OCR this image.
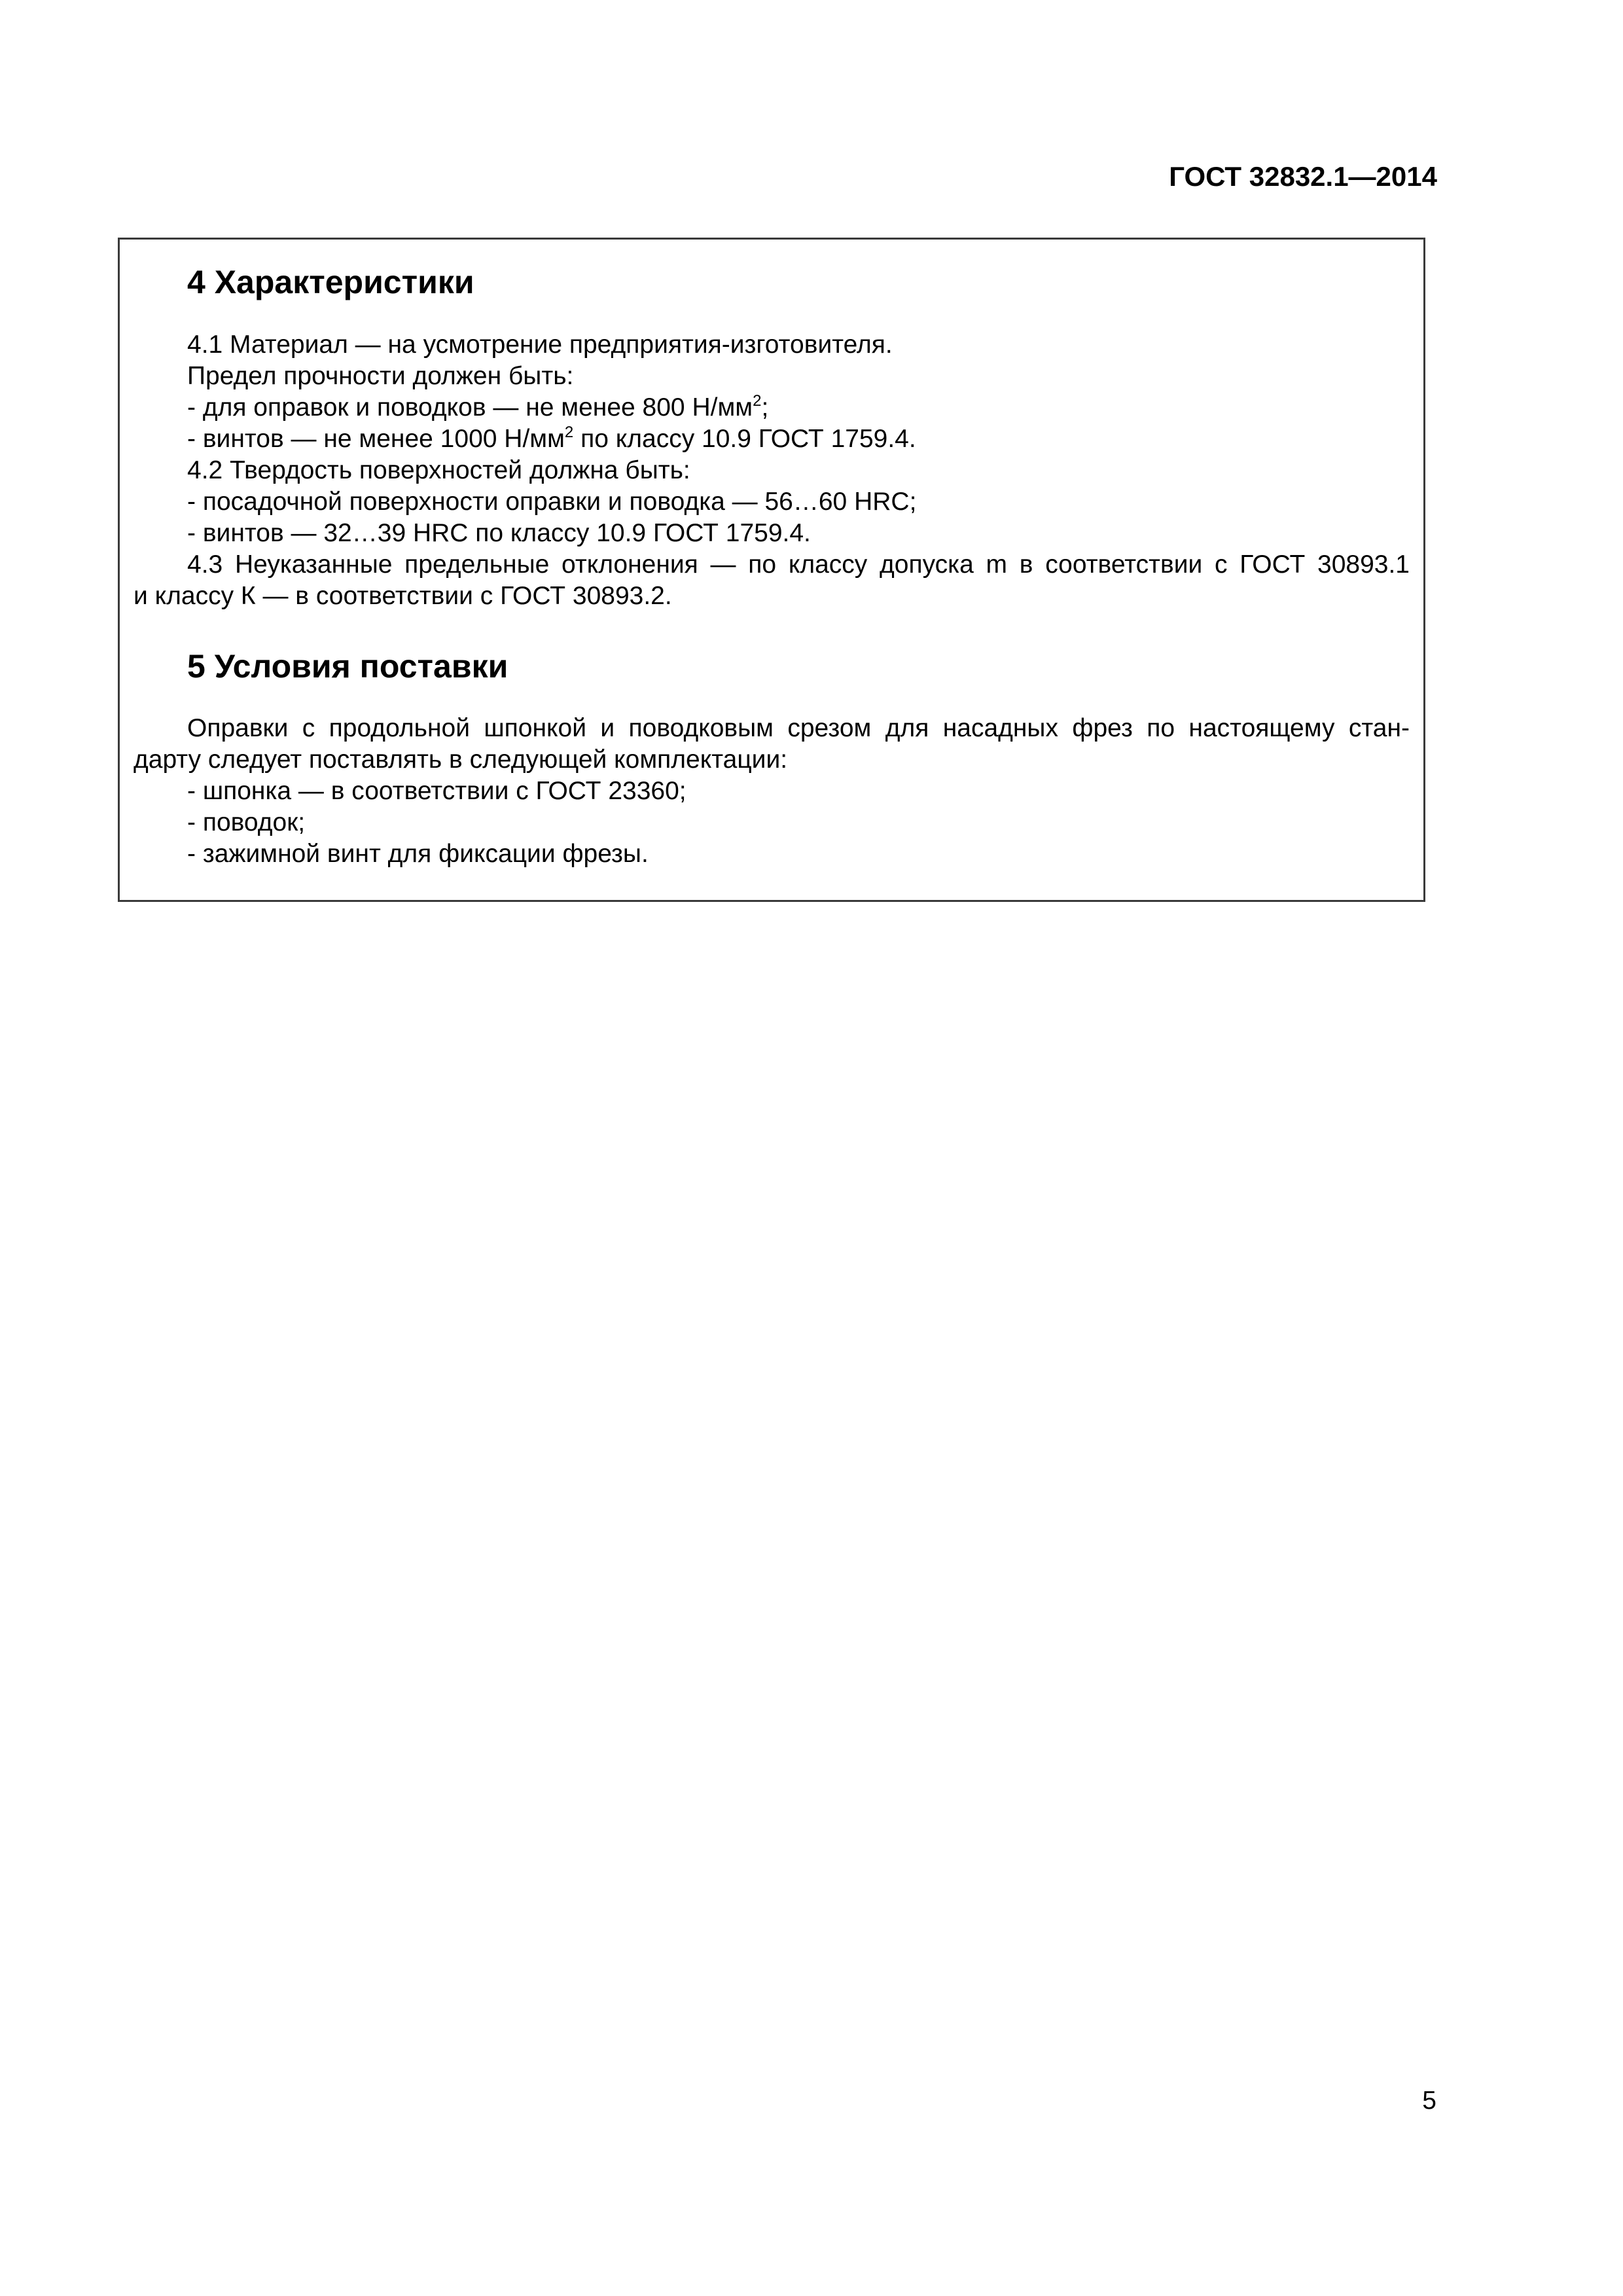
ГОСТ 32832.1—2014
4 Характеристики

4.1 Материал — на усмотрение предприятия-изготовителя.

Предел прочности должен быть:

- для оправок и поводков — не менее 800 $Н/мм^2$;

- винтов — не менее 1000 $Н/мм^2$ по классу 10.9 ГОСТ 1759.4.

4.2 Твердость поверхностей должна быть:

- посадочной поверхности оправки и поводка — 56…60 HRC;

- винтов — 32…39 HRC по классу 10.9 ГОСТ 1759.4.

4.3 Неуказанные предельные отклонения — по классу допуска m в соответствии с ГОСТ 30893.1

и классу К — в соответствии с ГОСТ 30893.2.

5 Условия поставки

Оправки с продольной шпонкой и поводковым срезом для насадных фрез по настоящему стан-

дарту следует поставлять в следующей комплектации:

- шпонка — в соответствии с ГОСТ 23360;

- поводок;

- зажимной винт для фиксации фрезы.

5
